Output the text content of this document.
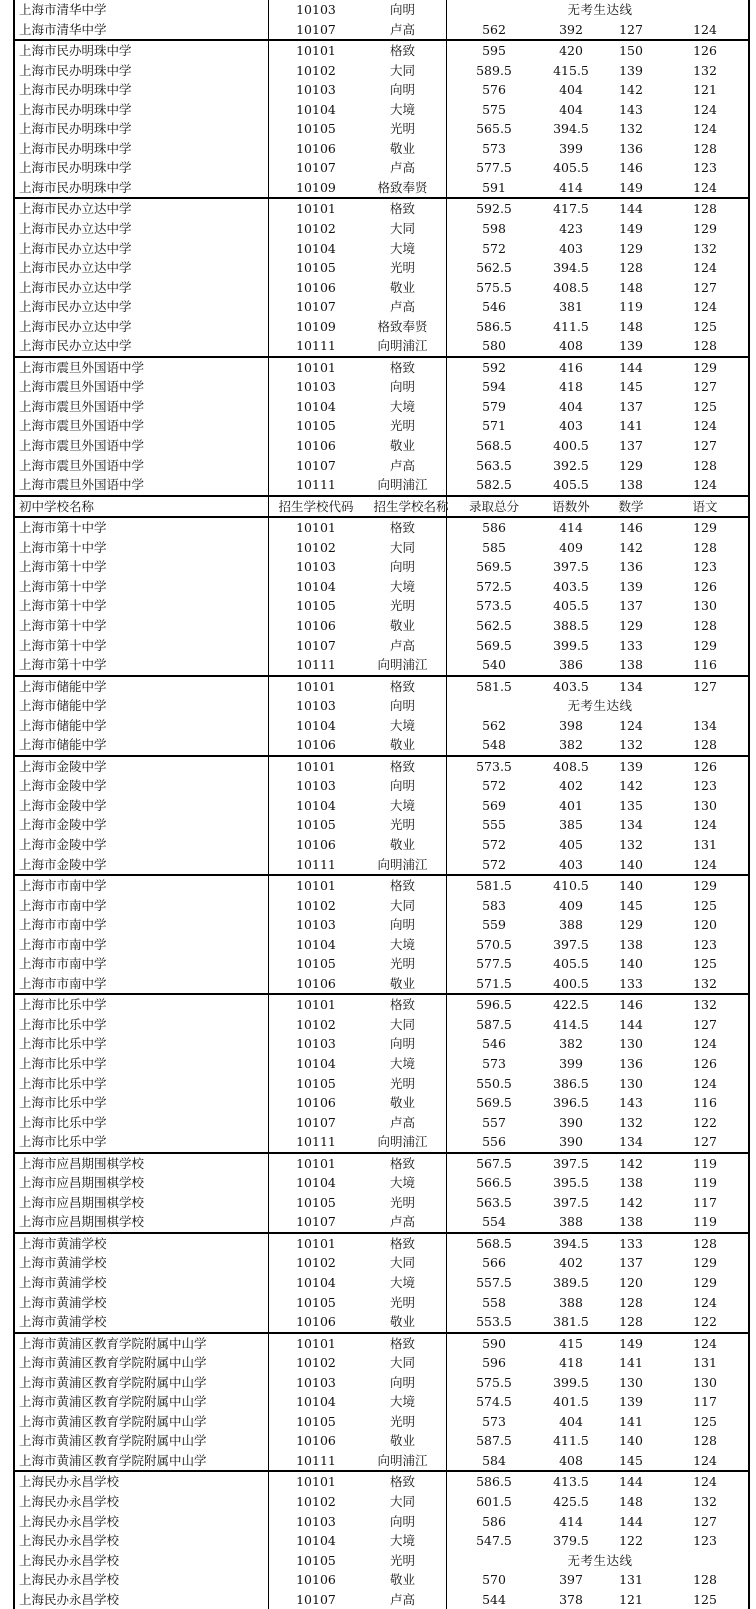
上海市清华中学	10103	向明	无考生达线
上海市清华中学	10107	卢高	562	392	127	124
上海市民办明珠中学	10101	格致	595	420	150	126
上海市民办明珠中学	10102	大同	589.5	415.5	139	132
上海市民办明珠中学	10103	向明	576	404	142	121
上海市民办明珠中学	10104	大境	575	404	143	124
上海市民办明珠中学	10105	光明	565.5	394.5	132	124
上海市民办明珠中学	10106	敬业	573	399	136	128
上海市民办明珠中学	10107	卢高	577.5	405.5	146	123
上海市民办明珠中学	10109	格致奉贤	591	414	149	124
上海市民办立达中学	10101	格致	592.5	417.5	144	128
上海市民办立达中学	10102	大同	598	423	149	129
上海市民办立达中学	10104	大境	572	403	129	132
上海市民办立达中学	10105	光明	562.5	394.5	128	124
上海市民办立达中学	10106	敬业	575.5	408.5	148	127
上海市民办立达中学	10107	卢高	546	381	119	124
上海市民办立达中学	10109	格致奉贤	586.5	411.5	148	125
上海市民办立达中学	10111	向明浦江	580	408	139	128
上海市震旦外国语中学	10101	格致	592	416	144	129
上海市震旦外国语中学	10103	向明	594	418	145	127
上海市震旦外国语中学	10104	大境	579	404	137	125
上海市震旦外国语中学	10105	光明	571	403	141	124
上海市震旦外国语中学	10106	敬业	568.5	400.5	137	127
上海市震旦外国语中学	10107	卢高	563.5	392.5	129	128
上海市震旦外国语中学	10111	向明浦江	582.5	405.5	138	124
初中学校名称	招生学校代码	招生学校名称	录取总分	语数外	数学	语文
上海市第十中学	10101	格致	586	414	146	129
上海市第十中学	10102	大同	585	409	142	128
上海市第十中学	10103	向明	569.5	397.5	136	123
上海市第十中学	10104	大境	572.5	403.5	139	126
上海市第十中学	10105	光明	573.5	405.5	137	130
上海市第十中学	10106	敬业	562.5	388.5	129	128
上海市第十中学	10107	卢高	569.5	399.5	133	129
上海市第十中学	10111	向明浦江	540	386	138	116
上海市储能中学	10101	格致	581.5	403.5	134	127
上海市储能中学	10103	向明	无考生达线
上海市储能中学	10104	大境	562	398	124	134
上海市储能中学	10106	敬业	548	382	132	128
上海市金陵中学	10101	格致	573.5	408.5	139	126
上海市金陵中学	10103	向明	572	402	142	123
上海市金陵中学	10104	大境	569	401	135	130
上海市金陵中学	10105	光明	555	385	134	124
上海市金陵中学	10106	敬业	572	405	132	131
上海市金陵中学	10111	向明浦江	572	403	140	124
上海市市南中学	10101	格致	581.5	410.5	140	129
上海市市南中学	10102	大同	583	409	145	125
上海市市南中学	10103	向明	559	388	129	120
上海市市南中学	10104	大境	570.5	397.5	138	123
上海市市南中学	10105	光明	577.5	405.5	140	125
上海市市南中学	10106	敬业	571.5	400.5	133	132
上海市比乐中学	10101	格致	596.5	422.5	146	132
上海市比乐中学	10102	大同	587.5	414.5	144	127
上海市比乐中学	10103	向明	546	382	130	124
上海市比乐中学	10104	大境	573	399	136	126
上海市比乐中学	10105	光明	550.5	386.5	130	124
上海市比乐中学	10106	敬业	569.5	396.5	143	116
上海市比乐中学	10107	卢高	557	390	132	122
上海市比乐中学	10111	向明浦江	556	390	134	127
上海市应昌期围棋学校	10101	格致	567.5	397.5	142	119
上海市应昌期围棋学校	10104	大境	566.5	395.5	138	119
上海市应昌期围棋学校	10105	光明	563.5	397.5	142	117
上海市应昌期围棋学校	10107	卢高	554	388	138	119
上海市黄浦学校	10101	格致	568.5	394.5	133	128
上海市黄浦学校	10102	大同	566	402	137	129
上海市黄浦学校	10104	大境	557.5	389.5	120	129
上海市黄浦学校	10105	光明	558	388	128	124
上海市黄浦学校	10106	敬业	553.5	381.5	128	122
上海市黄浦区教育学院附属中山学	10101	格致	590	415	149	124
上海市黄浦区教育学院附属中山学	10102	大同	596	418	141	131
上海市黄浦区教育学院附属中山学	10103	向明	575.5	399.5	130	130
上海市黄浦区教育学院附属中山学	10104	大境	574.5	401.5	139	117
上海市黄浦区教育学院附属中山学	10105	光明	573	404	141	125
上海市黄浦区教育学院附属中山学	10106	敬业	587.5	411.5	140	128
上海市黄浦区教育学院附属中山学	10111	向明浦江	584	408	145	124
上海民办永昌学校	10101	格致	586.5	413.5	144	124
上海民办永昌学校	10102	大同	601.5	425.5	148	132
上海民办永昌学校	10103	向明	586	414	144	127
上海民办永昌学校	10104	大境	547.5	379.5	122	123
上海民办永昌学校	10105	光明	无考生达线
上海民办永昌学校	10106	敬业	570	397	131	128
上海民办永昌学校	10107	卢高	544	378	121	125
